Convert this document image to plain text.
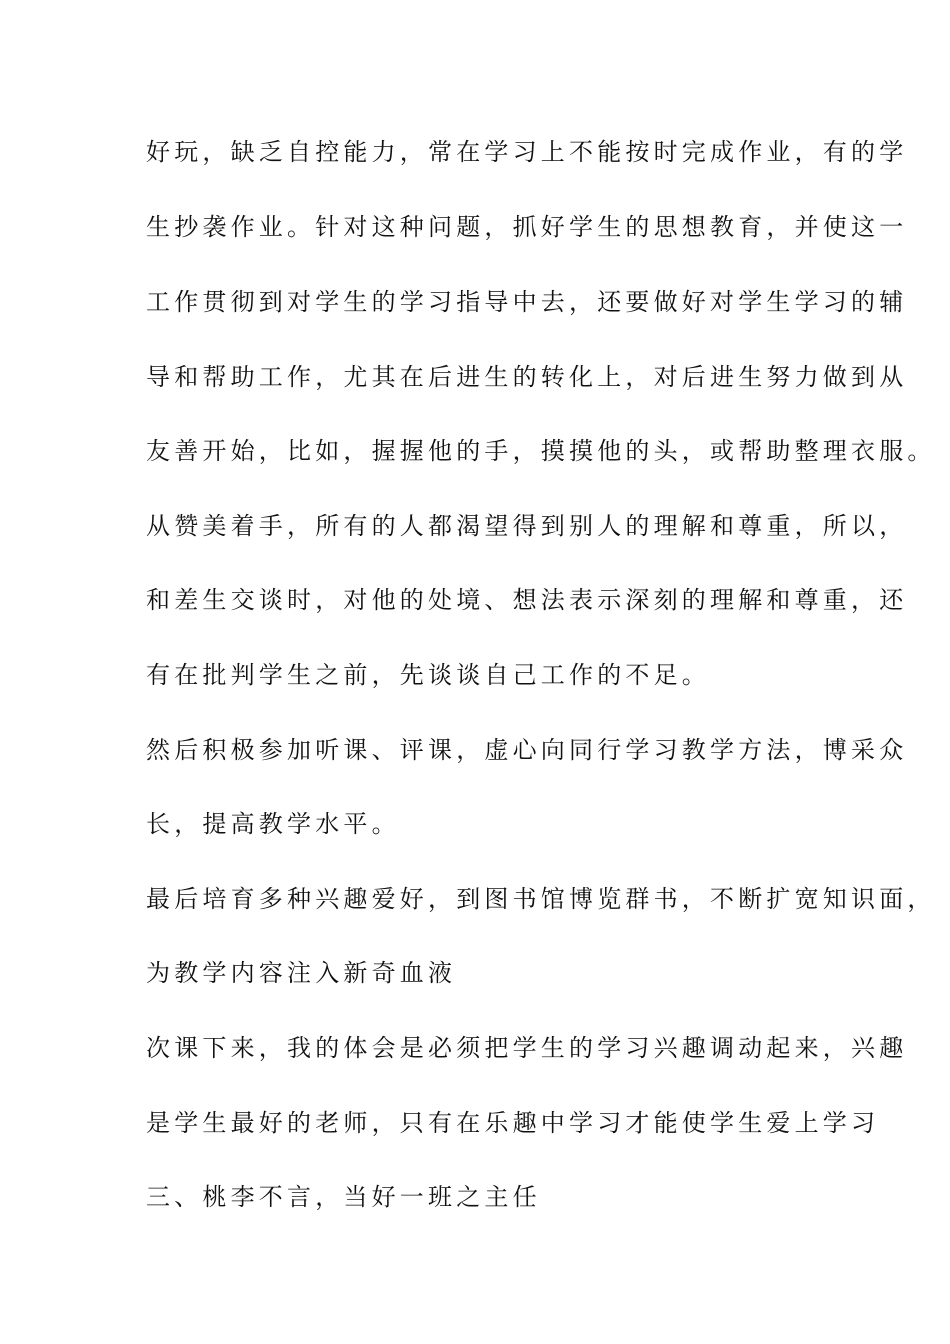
好玩，缺乏自控能力，常在学习上不能按时完成作业，有的学
生抄袭作业。针对这种问题，抓好学生的思想教育，并使这一
工作贯彻到对学生的学习指导中去，还要做好对学生学习的辅
导和帮助工作，尤其在后进生的转化上，对后进生努力做到从
友善开始，比如，握握他的手，摸摸他的头，或帮助整理衣服。
从赞美着手，所有的人都渴望得到别人的理解和尊重，所以，
和差生交谈时，对他的处境、想法表示深刻的理解和尊重，还
有在批判学生之前，先谈谈自己工作的不足。
然后积极参加听课、评课，虚心向同行学习教学方法，博采众
长，提高教学水平。
最后培育多种兴趣爱好，到图书馆博览群书，不断扩宽知识面，
为教学内容注入新奇血液
次课下来，我的体会是必须把学生的学习兴趣调动起来，兴趣
是学生最好的老师，只有在乐趣中学习才能使学生爱上学习
三、桃李不言，当好一班之主任
